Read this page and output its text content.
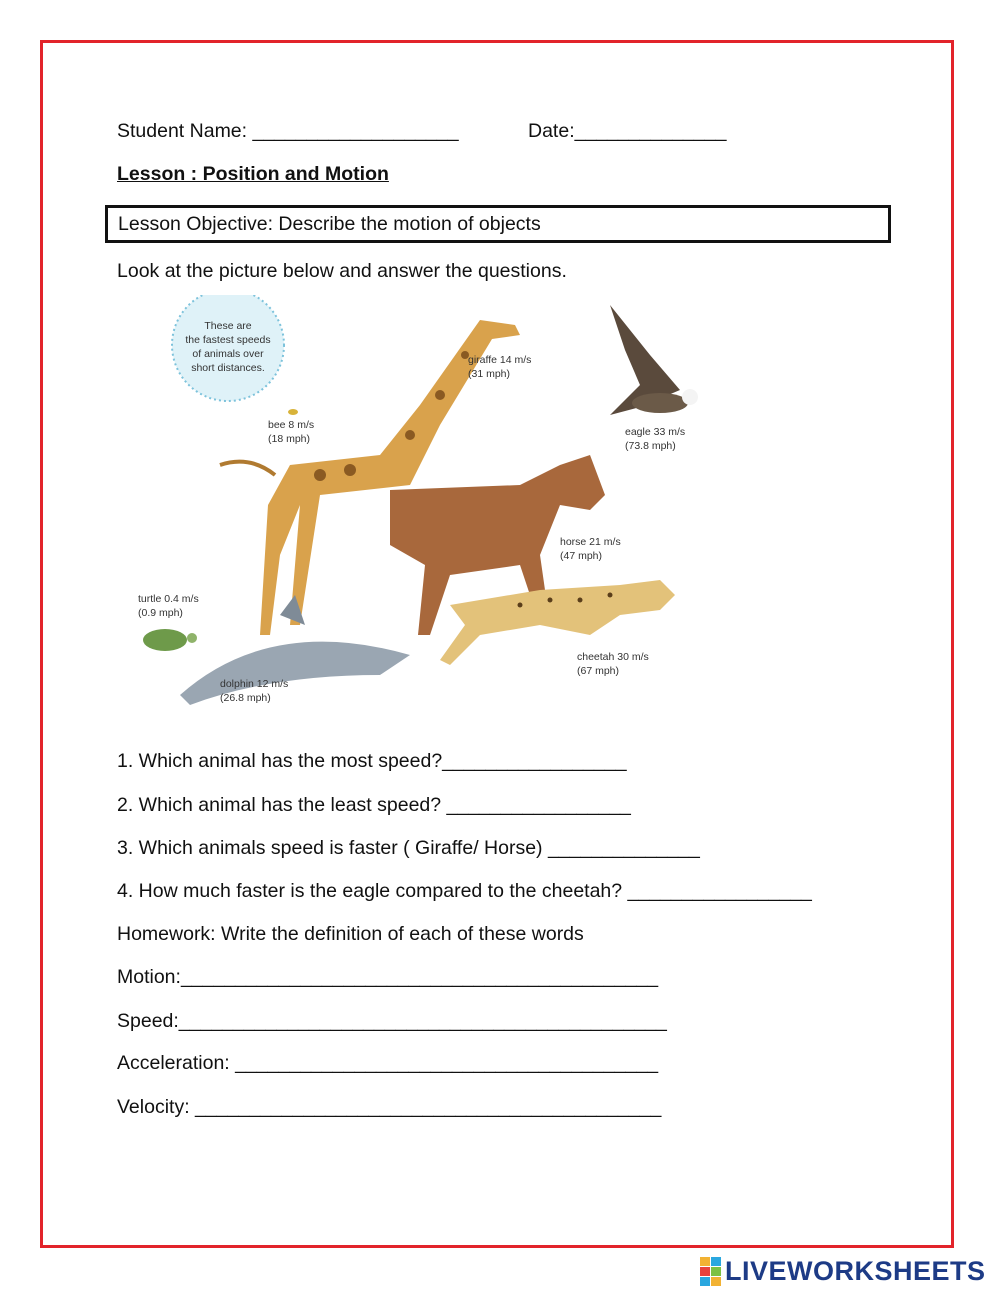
Student Name: ___________________	Date:______________
Lesson : Position and Motion
Lesson Objective: Describe the motion of objects
Look at the picture below and answer the questions.
These are
the fastest speeds
of animals over
short distances.
giraffe 14 m/s
(31 mph)
bee 8 m/s
(18 mph)
eagle 33 m/s
(73.8 mph)
horse 21 m/s
(47 mph)
turtle 0.4 m/s
(0.9 mph)
cheetah 30 m/s
(67 mph)
dolphin 12 m/s
(26.8 mph)
1. Which animal has the most speed?_________________
2. Which animal has the least speed? _________________
3. Which animals speed is faster ( Giraffe/ Horse) ______________
4. How much faster is the eagle compared to the cheetah? _________________
Homework: Write the definition of each of these words
Motion:____________________________________________
Speed:_____________________________________________
Acceleration: _______________________________________
Velocity: ___________________________________________
LIVEWORKSHEETS
